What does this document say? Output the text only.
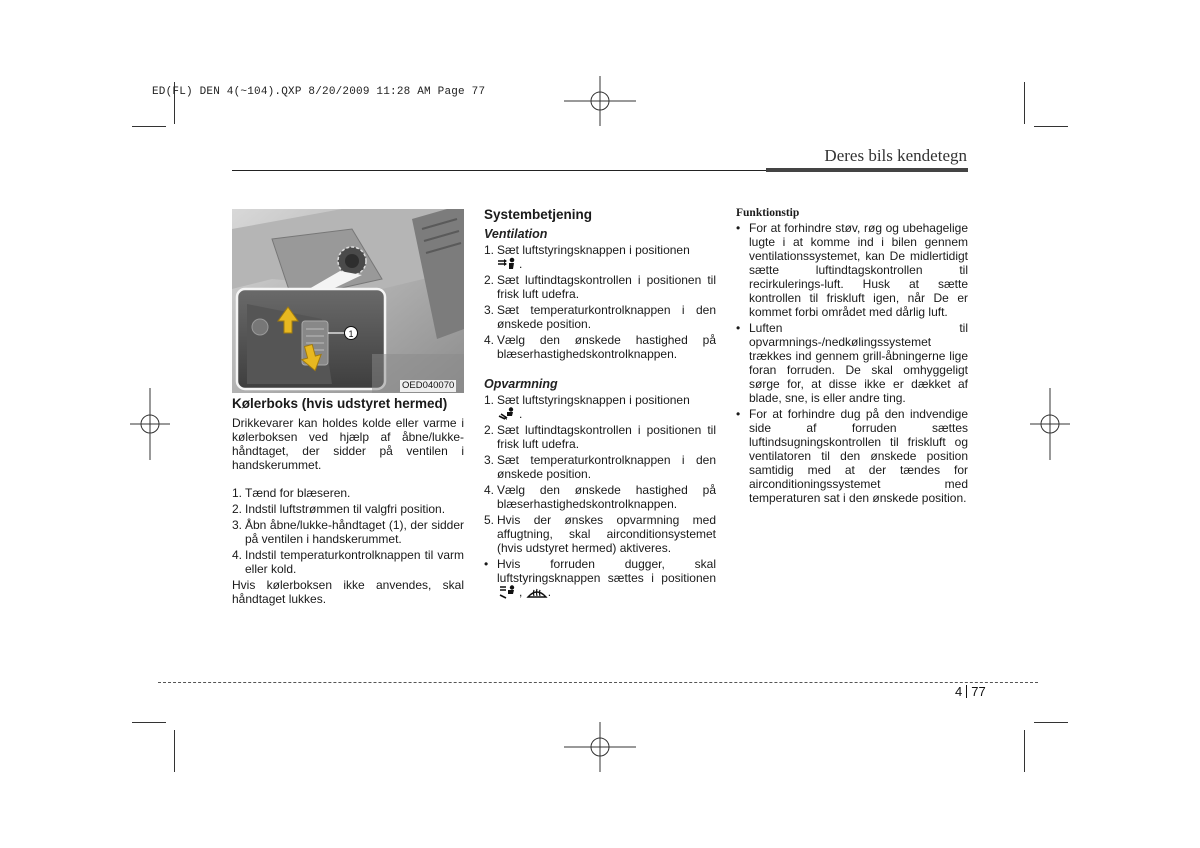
ED(FL) DEN 4(~104).QXP 8/20/2009 11:28 AM Page 77
Deres bils kendetegn
1
OED040070
Kølerboks (hvis udstyret hermed)

Drikkevarer kan holdes kolde eller varme i kølerboksen ved hjælp af åbne/lukke-håndtaget, der sidder på ventilen i handskerummet.

1. Tænd for blæseren.
2. Indstil luftstrømmen til valgfri position.
3. Åbn åbne/lukke-håndtaget (1), der sidder på ventilen i handskerummet.
4. Indstil temperaturkontrolknappen til varm eller kold.

Hvis kølerboksen ikke anvendes, skal håndtaget lukkes.

Systembetjening
Ventilation
1. Sæt luftstyringsknappen i positionen
.
2. Sæt luftindtagskontrollen i positionen til frisk luft udefra.
3. Sæt temperaturkontrolknappen i den ønskede position.
4. Vælg den ønskede hastighed på blæserhastighedskontrolknappen.
Opvarmning
1. Sæt luftstyringsknappen i positionen
.
2. Sæt luftindtagskontrollen i positionen til frisk luft udefra.
3. Sæt temperaturkontrolknappen i den ønskede position.
4. Vælg den ønskede hastighed på blæserhastighedskontrolknappen.
5. Hvis der ønskes opvarmning med affugtning, skal airconditionsystemet (hvis udstyret hermed) aktiveres.
• Hvis forruden dugger, skal luftstyringsknappen sættes i positionen , .
Funktionstip
• For at forhindre støv, røg og ubehagelige lugte i at komme ind i bilen gennem ventilationssystemet, kan De midlertidigt sætte luftindtagskontrollen til recirkulerings-luft. Husk at sætte kontrollen til friskluft igen, når De er kommet forbi området med dårlig luft.
• Luften til opvarmnings-/nedkølingssystemet trækkes ind gennem grill-åbningerne lige foran forruden. De skal omhyggeligt sørge for, at disse ikke er dækket af blade, sne, is eller andre ting.
• For at forhindre dug på den indvendige side af forruden sættes luftindsugningskontrollen til friskluft og ventilatoren til den ønskede position samtidig med at der tændes for airconditioningssystemet med temperaturen sat i den ønskede position.
4 77
